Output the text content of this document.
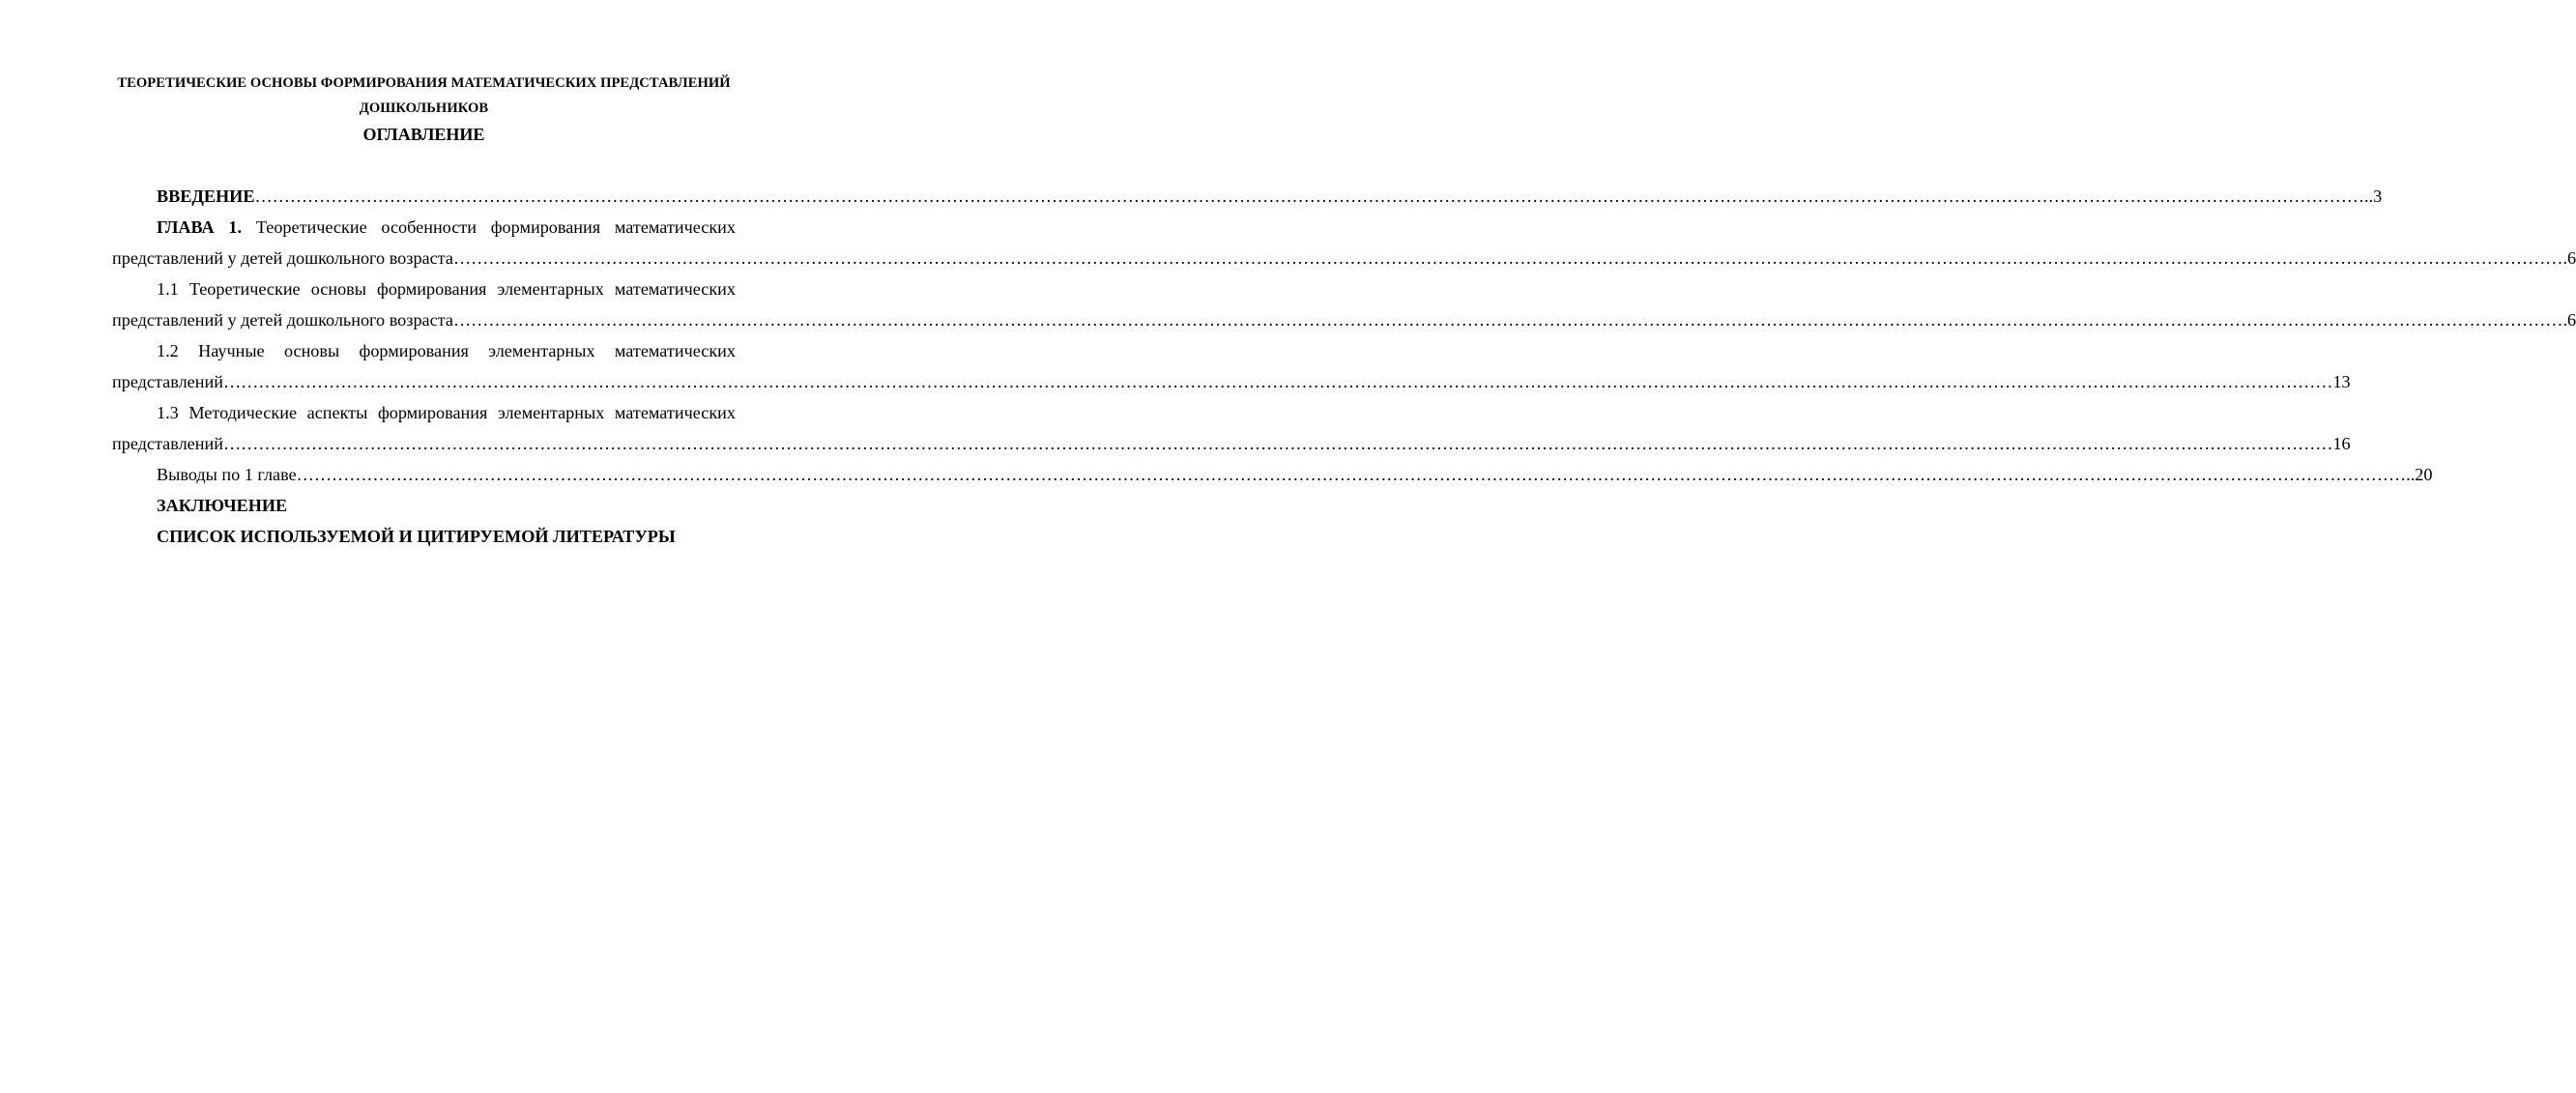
ТЕОРЕТИЧЕСКИЕ ОСНОВЫ ФОРМИРОВАНИЯ МАТЕМАТИЧЕСКИХ ПРЕДСТАВЛЕНИЙ
ДОШКОЛЬНИКОВ
ОГЛАВЛЕНИЕ
ВВЕДЕНИЕ ……………………………………………………………………………………………………………………………………………………………………………………………………………………………………………………………………………………………………………………………… ..3
ГЛАВА 1. Теоретические особенности формирования математических
представлений у детей дошкольного возраста ……………………………………………………………………………………………………………………………………………………………………………………………………………………………………………………………………………………………………………………………… .6
1.1 Теоретические основы формирования элементарных математических
представлений у детей дошкольного возраста ……………………………………………………………………………………………………………………………………………………………………………………………………………………………………………………………………………………………………………………………… .6
1.2 Научные основы формирования элементарных математических
представлений ……………………………………………………………………………………………………………………………………………………………………………………………………………………………………………………………………………………………………………………………… 13
1.3 Методические аспекты формирования элементарных математических
представлений ……………………………………………………………………………………………………………………………………………………………………………………………………………………………………………………………………………………………………………………………… 16
Выводы по 1 главе ……………………………………………………………………………………………………………………………………………………………………………………………………………………………………………………………………………………………………………………………… ..20
ЗАКЛЮЧЕНИЕ
СПИСОК ИСПОЛЬЗУЕМОЙ И ЦИТИРУЕМОЙ ЛИТЕРАТУРЫ
